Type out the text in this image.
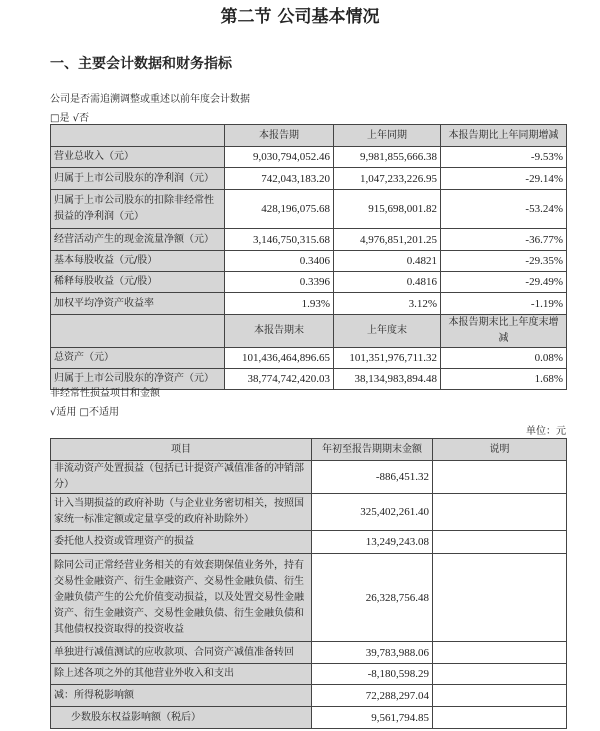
第二节 公司基本情况
一、主要会计数据和财务指标
公司是否需追溯调整或重述以前年度会计数据
□是 √否
	本报告期	上年同期	本报告期比上年同期增减
营业总收入（元）	9,030,794,052.46	9,981,855,666.38	-9.53%
归属于上市公司股东的净利润（元）	742,043,183.20	1,047,233,226.95	-29.14%
归属于上市公司股东的扣除非经常性损益的净利润（元）	428,196,075.68	915,698,001.82	-53.24%
经营活动产生的现金流量净额（元）	3,146,750,315.68	4,976,851,201.25	-36.77%
基本每股收益（元/股）	0.3406	0.4821	-29.35%
稀释每股收益（元/股）	0.3396	0.4816	-29.49%
加权平均净资产收益率	1.93%	3.12%	-1.19%
	本报告期末	上年度末	本报告期末比上年度末增减
总资产（元）	101,436,464,896.65	101,351,976,711.32	0.08%
归属于上市公司股东的净资产（元）	38,774,742,420.03	38,134,983,894.48	1.68%
非经常性损益项目和金额
√适用 □不适用
单位：元
项目	年初至报告期期末金额	说明
非流动资产处置损益（包括已计提资产减值准备的冲销部分）	-886,451.32	
计入当期损益的政府补助（与企业业务密切相关，按照国家统一标准定额或定量享受的政府补助除外）	325,402,261.40	
委托他人投资或管理资产的损益	13,249,243.08	
除同公司正常经营业务相关的有效套期保值业务外，持有交易性金融资产、衍生金融资产、交易性金融负债、衍生金融负债产生的公允价值变动损益，以及处置交易性金融资产、衍生金融资产、交易性金融负债、衍生金融负债和其他债权投资取得的投资收益	26,328,756.48	
单独进行减值测试的应收款项、合同资产减值准备转回	39,783,988.06	
除上述各项之外的其他营业外收入和支出	-8,180,598.29	
减：所得税影响额	72,288,297.04	
少数股东权益影响额（税后）	9,561,794.85	
